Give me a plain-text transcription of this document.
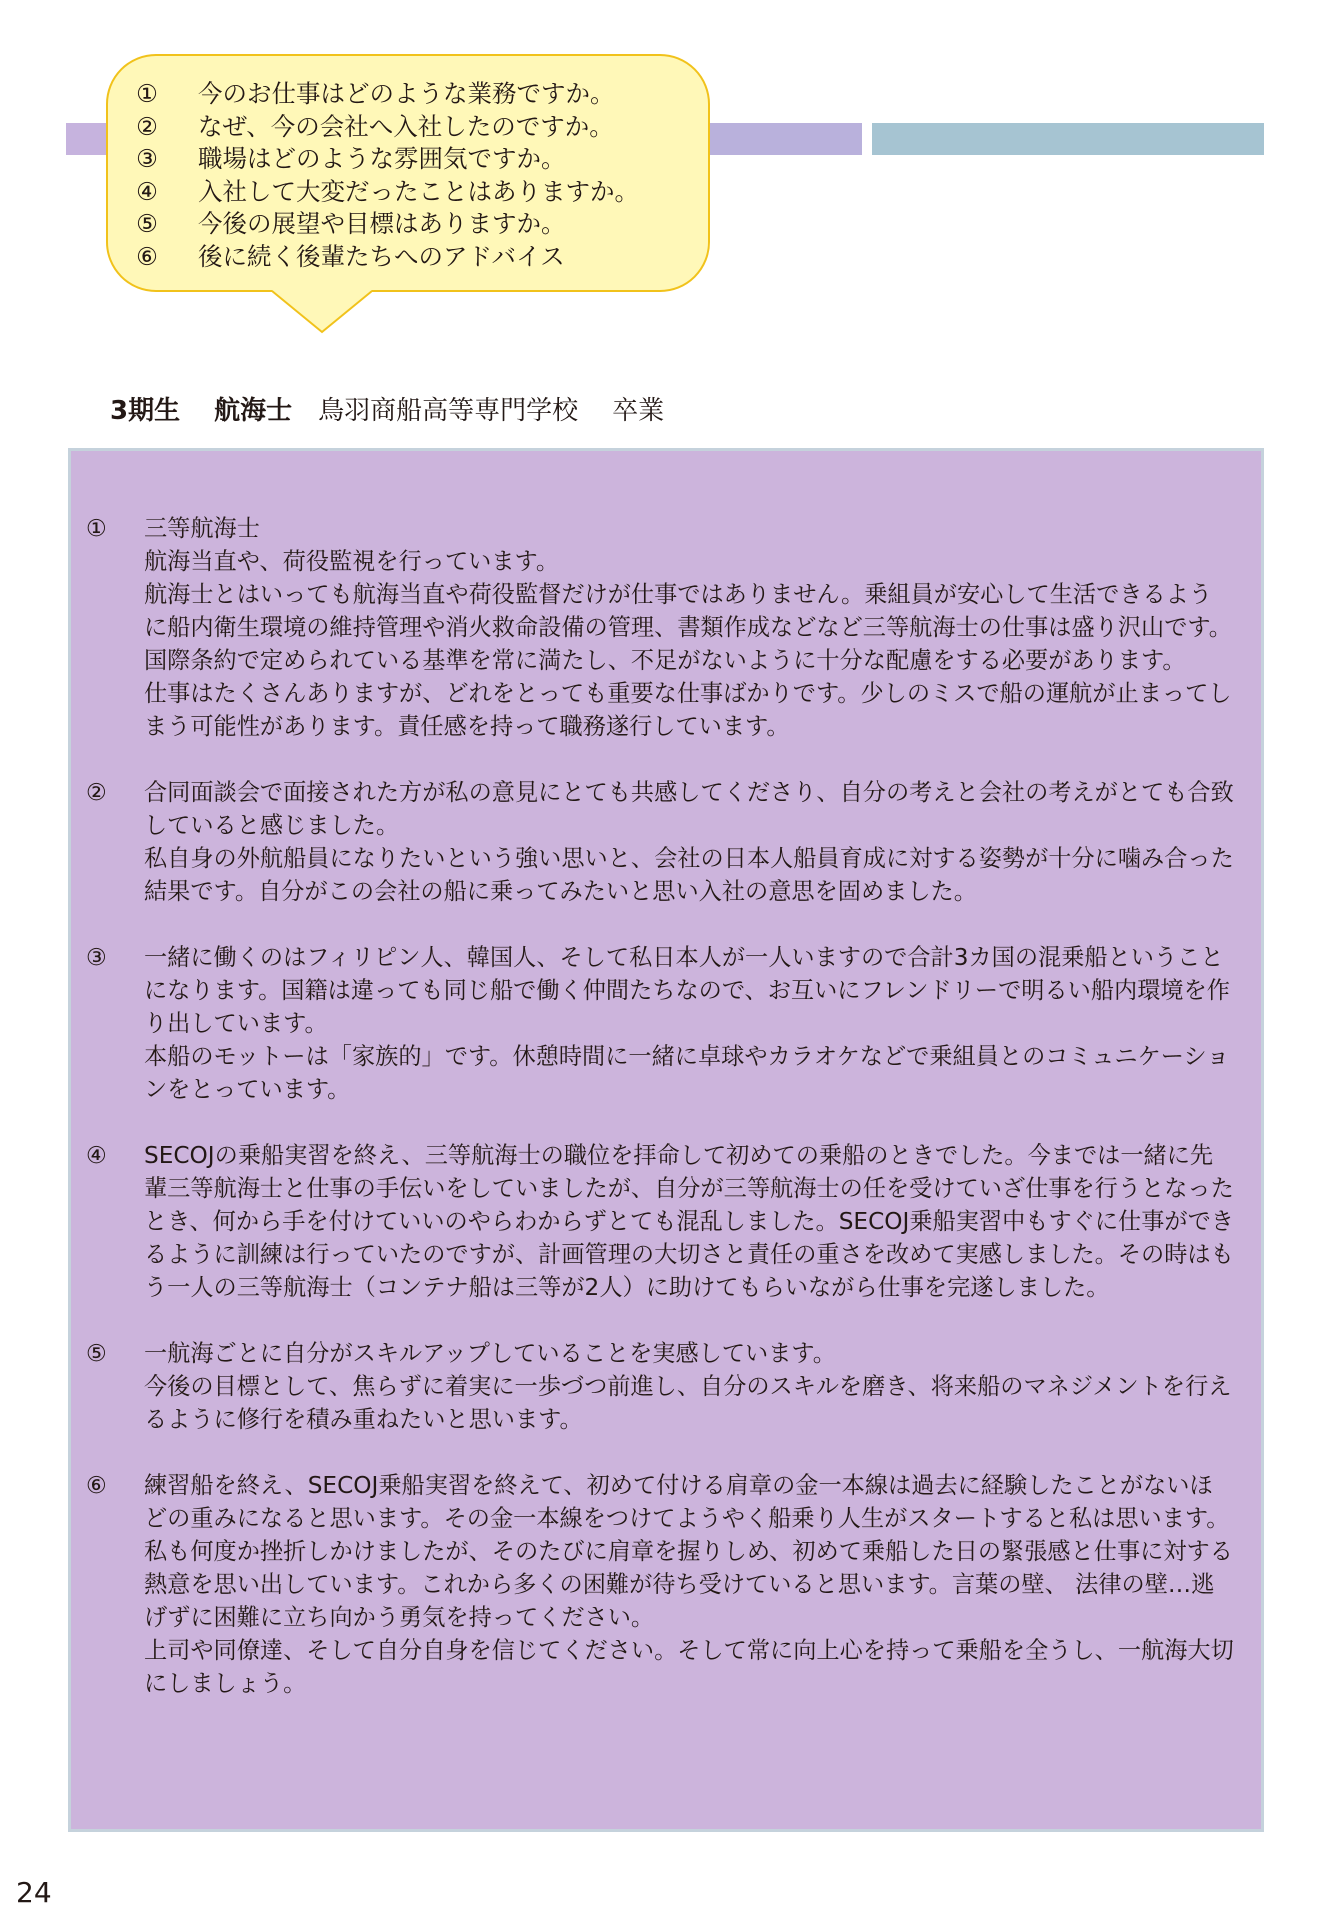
① 今のお仕事はどのような業務ですか。
② なぜ、今の会社へ入社したのですか。
③ 職場はどのような雰囲気ですか。
④ 入社して大変だったことはありますか。
⑤ 今後の展望や目標はありますか。
⑥ 後に続く後輩たちへのアドバイス
3期生 航海士 鳥羽商船高等専門学校 卒業
① 三等航海士

航海当直や、荷役監視を行っています。

航海士とはいっても航海当直や荷役監督だけが仕事ではありません。乗組員が安心して生活できるように船内衛生環境の維持管理や消火救命設備の管理、書類作成などなど三等航海士の仕事は盛り沢山です。国際条約で定められている基準を常に満たし、不足がないように十分な配慮をする必要があります。

仕事はたくさんありますが、どれをとっても重要な仕事ばかりです。少しのミスで船の運航が止まってしまう可能性があります。責任感を持って職務遂行しています。

② 合同面談会で面接された方が私の意見にとても共感してくださり、自分の考えと会社の考えがとても合致していると感じました。

私自身の外航船員になりたいという強い思いと、会社の日本人船員育成に対する姿勢が十分に噛み合った結果です。自分がこの会社の船に乗ってみたいと思い入社の意思を固めました。

③ 一緒に働くのはフィリピン人、韓国人、そして私日本人が一人いますので合計3カ国の混乗船ということになります。国籍は違っても同じ船で働く仲間たちなので、お互いにフレンドリーで明るい船内環境を作り出しています。

本船のモットーは「家族的」です。休憩時間に一緒に卓球やカラオケなどで乗組員とのコミュニケーションをとっています。

④ SECOJの乗船実習を終え、三等航海士の職位を拝命して初めての乗船のときでした。今までは一緒に先輩三等航海士と仕事の手伝いをしていましたが、自分が三等航海士の任を受けていざ仕事を行うとなったとき、何から手を付けていいのやらわからずとても混乱しました。SECOJ乗船実習中もすぐに仕事ができるように訓練は行っていたのですが、計画管理の大切さと責任の重さを改めて実感しました。その時はもう一人の三等航海士（コンテナ船は三等が2人）に助けてもらいながら仕事を完遂しました。

⑤ 一航海ごとに自分がスキルアップしていることを実感しています。

今後の目標として、焦らずに着実に一歩づつ前進し、自分のスキルを磨き、将来船のマネジメントを行えるように修行を積み重ねたいと思います。

⑥ 練習船を終え、SECOJ乗船実習を終えて、初めて付ける肩章の金一本線は過去に経験したことがないほどの重みになると思います。その金一本線をつけてようやく船乗り人生がスタートすると私は思います。

私も何度か挫折しかけましたが、そのたびに肩章を握りしめ、初めて乗船した日の緊張感と仕事に対する熱意を思い出しています。これから多くの困難が待ち受けていると思います。言葉の壁、 法律の壁…逃げずに困難に立ち向かう勇気を持ってください。

上司や同僚達、そして自分自身を信じてください。そして常に向上心を持って乗船を全うし、一航海大切にしましょう。

24
